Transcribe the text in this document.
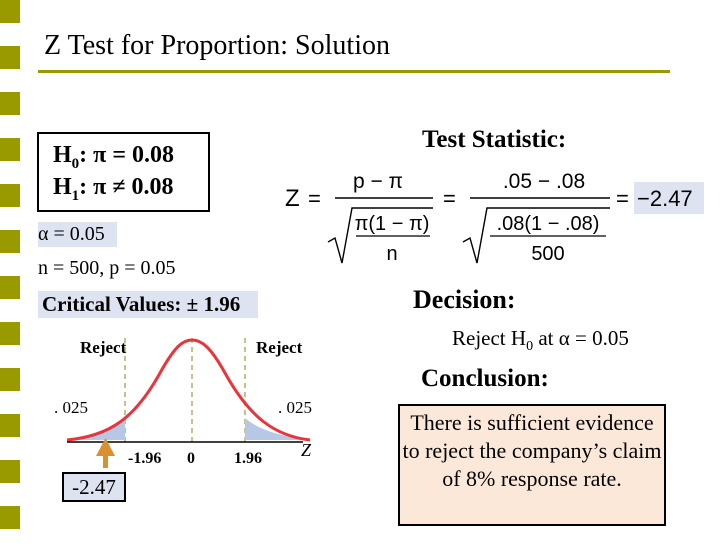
Z Test for Proportion: Solution
$H_0$: π = 0.08
$H_1$: π ≠ 0.08
α = 0.05
n = 500, p = 0.05
Critical Values: ± 1.96
Test Statistic:
Z =
p − π
π(1 − π)
n
=
.05 − .08
.08(1 − .08)
500
= −2.47
Decision:
Reject $H_0$ at α = 0.05
Conclusion:
There is sufficient evidence to reject the company’s claim of 8% response rate.
Reject	Reject
. 025	. 025
-1.96 0 1.96 Z
-2.47
